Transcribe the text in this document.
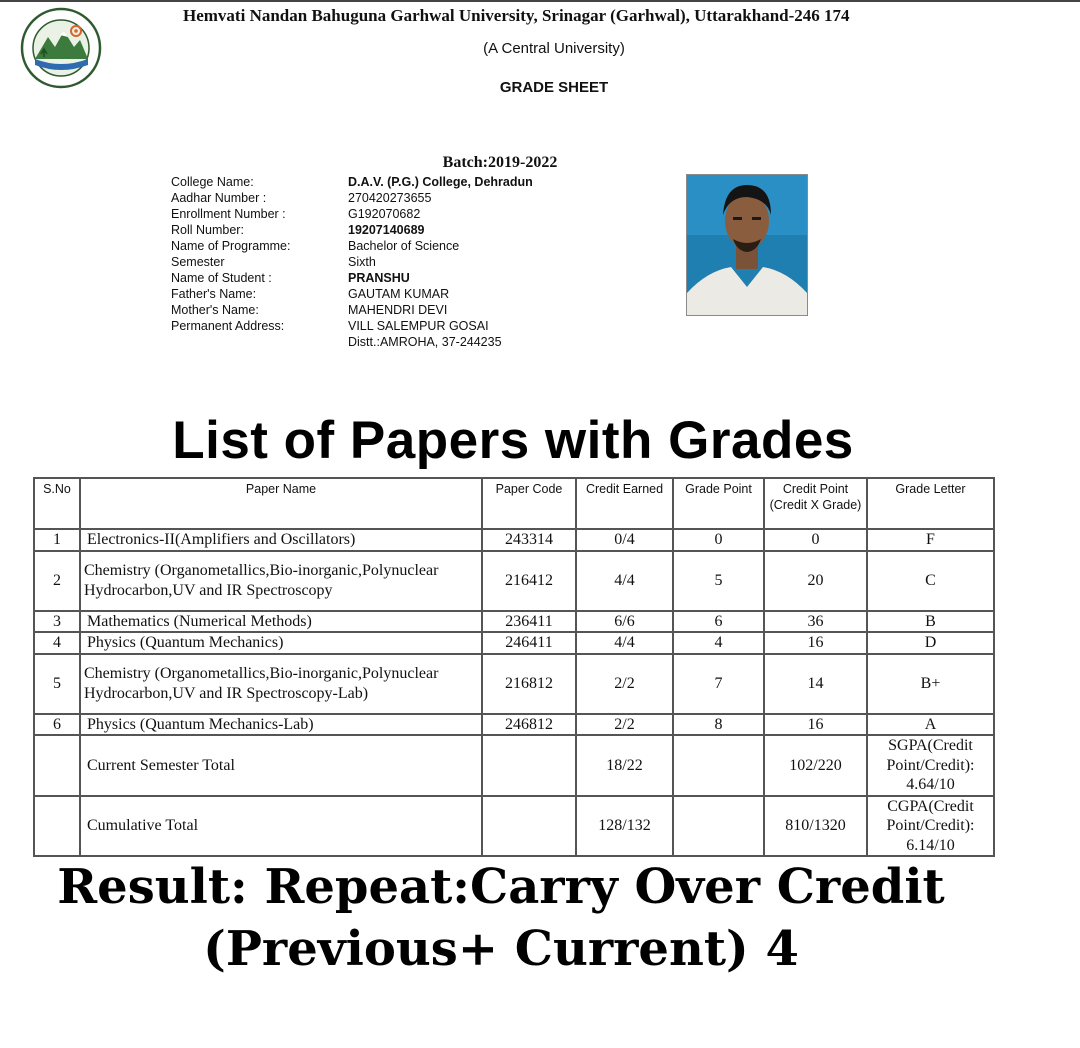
Hemvati Nandan Bahuguna Garhwal University, Srinagar (Garhwal), Uttarakhand-246 174
(A Central University)
GRADE SHEET
Batch:2019-2022
College Name:	D.A.V. (P.G.) College, Dehradun
Aadhar Number :	270420273655
Enrollment Number :	G192070682
Roll Number:	19207140689
Name of Programme:	Bachelor of Science
Semester	Sixth
Name of Student :	PRANSHU
Father's Name:	GAUTAM KUMAR
Mother's Name:	MAHENDRI DEVI
Permanent Address:	VILL SALEMPUR GOSAI
Distt.:AMROHA, 37-244235
List of Papers with Grades
S.No	Paper Name	Paper Code	Credit Earned	Grade Point	Credit Point (Credit X Grade)	Grade Letter
1	Electronics-II(Amplifiers and Oscillators)	243314	0/4	0	0	F
2	Chemistry (Organometallics,Bio-inorganic,Polynuclear Hydrocarbon,UV and IR Spectroscopy	216412	4/4	5	20	C
3	Mathematics (Numerical Methods)	236411	6/6	6	36	B
4	Physics (Quantum Mechanics)	246411	4/4	4	16	D
5	Chemistry (Organometallics,Bio-inorganic,Polynuclear Hydrocarbon,UV and IR Spectroscopy-Lab)	216812	2/2	7	14	B+
6	Physics (Quantum Mechanics-Lab)	246812	2/2	8	16	A
	Current Semester Total		18/22		102/220	SGPA(Credit Point/Credit): 4.64/10
	Cumulative Total		128/132		810/1320	CGPA(Credit Point/Credit): 6.14/10
Result: Repeat:Carry Over Credit
(Previous+ Current) 4
